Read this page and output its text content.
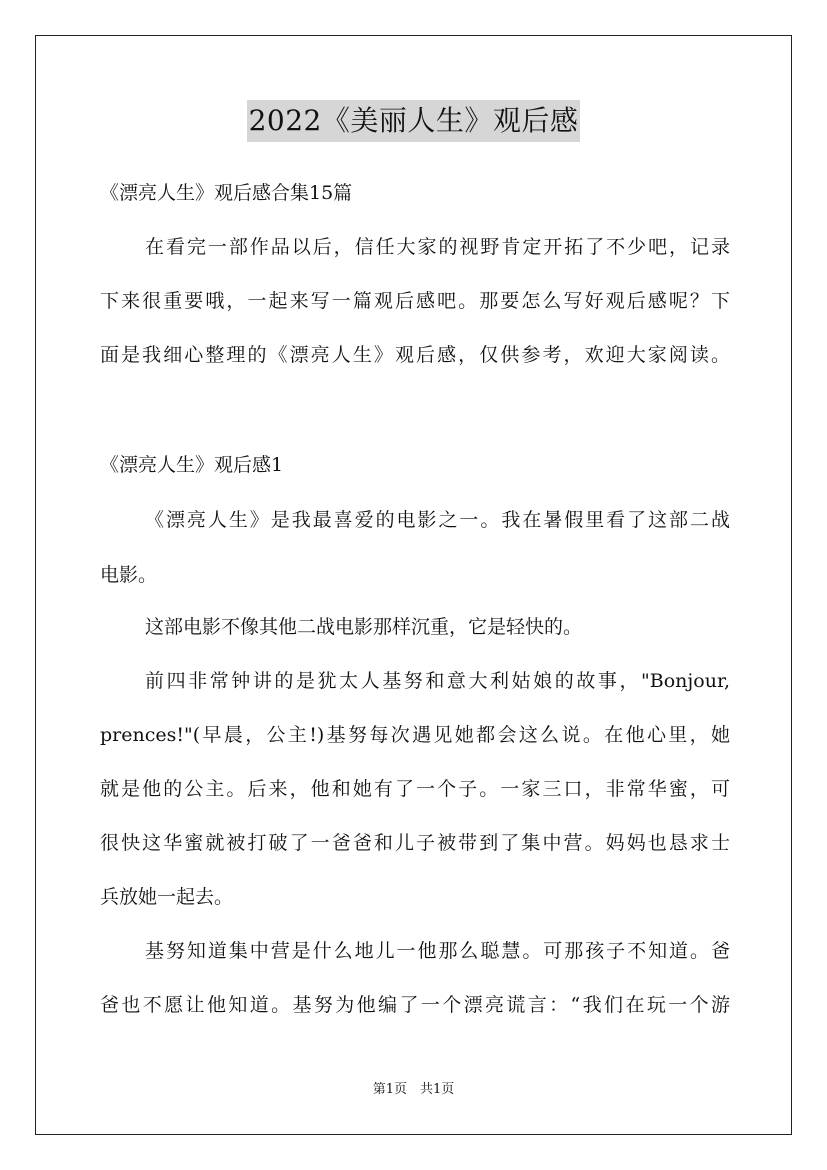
2022《美丽人生》观后感
《漂亮人生》观后感合集15篇
在看完一部作品以后，信任大家的视野肯定开拓了不少吧，记录
下来很重要哦，一起来写一篇观后感吧。那要怎么写好观后感呢？下
面是我细心整理的《漂亮人生》观后感，仅供参考，欢迎大家阅读。
《漂亮人生》观后感1
《漂亮人生》是我最喜爱的电影之一。我在暑假里看了这部二战
电影。
这部电影不像其他二战电影那样沉重，它是轻快的。
前四非常钟讲的是犹太人基努和意大利姑娘的故事，"Bonjour,
prences!"(早晨，公主!)基努每次遇见她都会这么说。在他心里，她
就是他的公主。后来，他和她有了一个子。一家三口，非常华蜜，可
很快这华蜜就被打破了一爸爸和儿子被带到了集中营。妈妈也恳求士
兵放她一起去。
基努知道集中营是什么地儿一他那么聪慧。可那孩子不知道。爸
爸也不愿让他知道。基努为他编了一个漂亮谎言：“我们在玩一个游
第1页　共1页
